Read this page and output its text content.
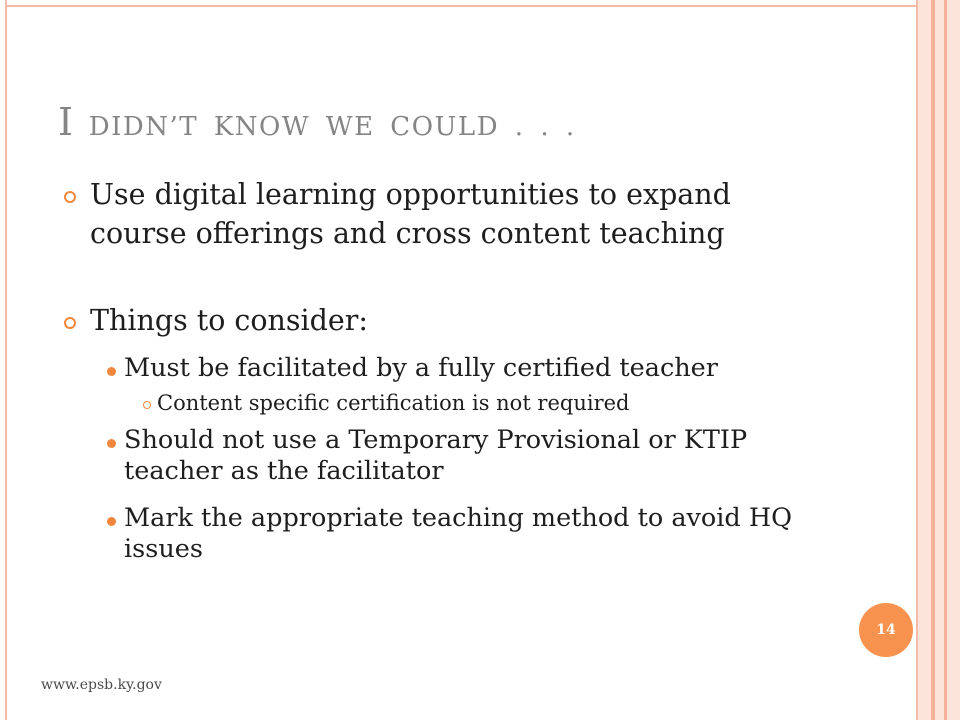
I DIDN’T KNOW WE COULD . . .
Use digital learning opportunities to expand
course offerings and cross content teaching
Things to consider:
Must be facilitated by a fully certified teacher
Content specific certification is not required
Should not use a Temporary Provisional or KTIP
teacher as the facilitator
Mark the appropriate teaching method to avoid HQ
issues
14
www.epsb.ky.gov
